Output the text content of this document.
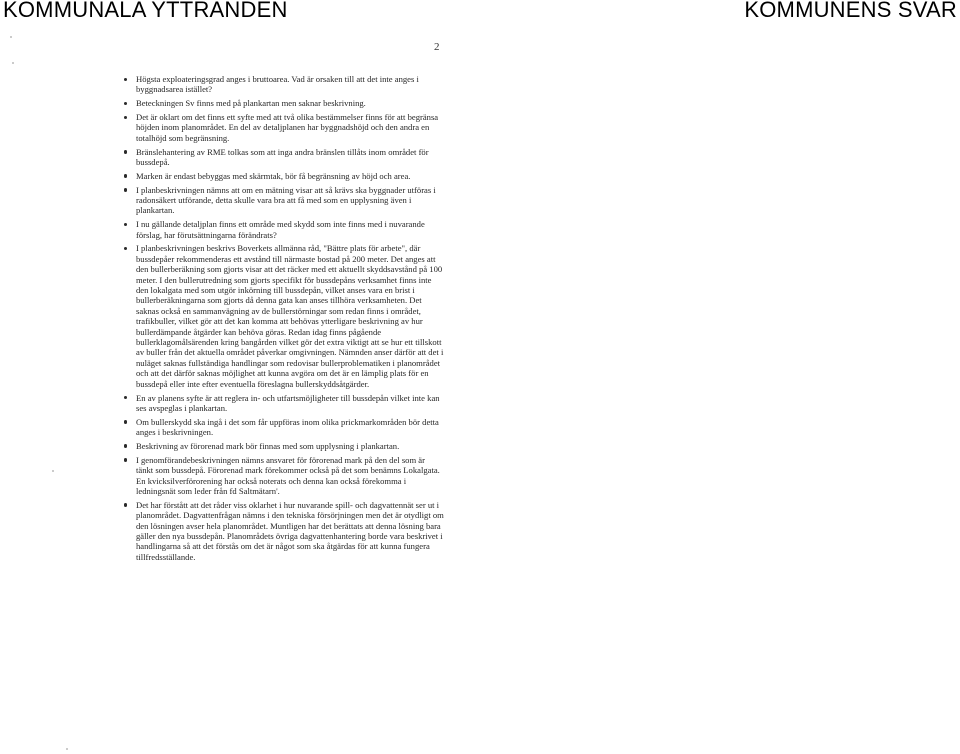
KOMMUNALA YTTRANDEN	KOMMUNENS SVAR
2
Högsta exploateringsgrad anges i bruttoarea. Vad är orsaken till att det inte anges i byggnadsarea istället?
Beteckningen Sv finns med på plankartan men saknar beskrivning.
Det är oklart om det finns ett syfte med att två olika bestämmelser finns för att begränsa höjden inom planområdet. En del av detaljplanen har byggnadshöjd och den andra en totalhöjd som begränsning.
Bränslehantering av RME tolkas som att inga andra bränslen tillåts inom området för bussdepå.
Marken är endast bebyggas med skärmtak, bör få begränsning av höjd och area.
I planbeskrivningen nämns att om en mätning visar att så krävs ska byggnader utföras i radonsäkert utförande, detta skulle vara bra att få med som en upplysning även i plankartan.
I nu gällande detaljplan finns ett område med skydd som inte finns med i nuvarande förslag, har förutsättningarna förändrats?
I planbeskrivningen beskrivs Boverkets allmänna råd, "Bättre plats för arbete", där bussdepåer rekommenderas ett avstånd till närmaste bostad på 200 meter. Det anges att den bullerberäkning som gjorts visar att det räcker med ett aktuellt skyddsavstånd på 100 meter. I den bullerutredning som gjorts specifikt för bussdepåns verksamhet finns inte den lokalgata med som utgör inkörning till bussdepån, vilket anses vara en brist i bullerberäkningarna som gjorts då denna gata kan anses tillhöra verksamheten. Det saknas också en sammanvägning av de bullerstörningar som redan finns i området, trafikbuller, vilket gör att det kan komma att behövas ytterligare beskrivning av hur bullerdämpande åtgärder kan behöva göras. Redan idag finns pågående bullerklagomålsärenden kring bangården vilket gör det extra viktigt att se hur ett tillskott av buller från det aktuella området påverkar omgivningen. Nämnden anser därför att det i nuläget saknas fullständiga handlingar som redovisar bullerproblematiken i planområdet och att det därför saknas möjlighet att kunna avgöra om det är en lämplig plats för en bussdepå eller inte efter eventuella föreslagna bullerskyddsåtgärder.
En av planens syfte är att reglera in- och utfartsmöjligheter till bussdepån vilket inte kan ses avspeglas i plankartan.
Om bullerskydd ska ingå i det som får uppföras inom olika prickmarkområden bör detta anges i beskrivningen.
Beskrivning av förorenad mark bör finnas med som upplysning i plankartan.
I genomförandebeskrivningen nämns ansvaret för förorenad mark på den del som är tänkt som bussdepå. Förorenad mark förekommer också på det som benämns Lokalgata. En kvicksilverförorening har också noterats och denna kan också förekomma i ledningsnät som leder från fd Saltmätarn'.
Det har förstått att det råder viss oklarhet i hur nuvarande spill- och dagvattennät ser ut i planområdet. Dagvattenfrågan nämns i den tekniska försörjningen men det är otydligt om den lösningen avser hela planområdet. Muntligen har det berättats att denna lösning bara gäller den nya bussdepån. Planområdets övriga dagvattenhantering borde vara beskrivet i handlingarna så att det förstås om det är något som ska åtgärdas för att kunna fungera tillfredsställande.
